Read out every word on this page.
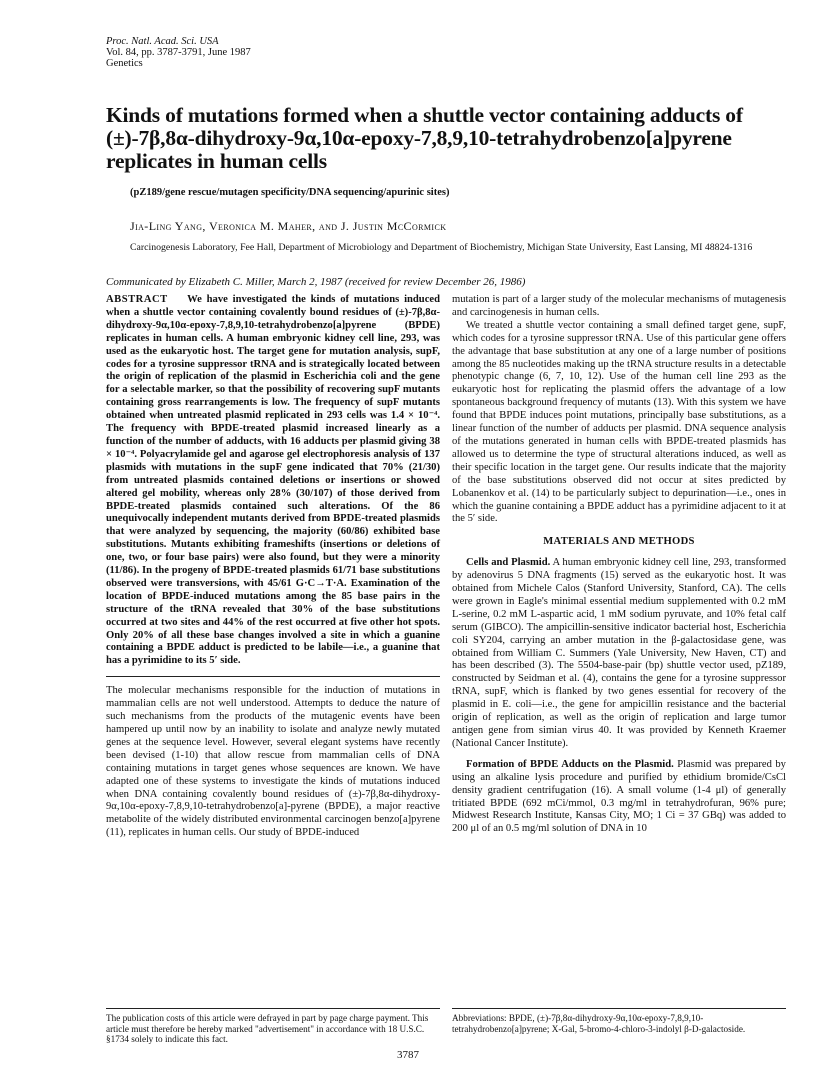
Proc. Natl. Acad. Sci. USA
Vol. 84, pp. 3787-3791, June 1987
Genetics
Kinds of mutations formed when a shuttle vector containing adducts of (±)-7β,8α-dihydroxy-9α,10α-epoxy-7,8,9,10-tetrahydrobenzo[a]pyrene replicates in human cells
(pZ189/gene rescue/mutagen specificity/DNA sequencing/apurinic sites)
Jia-Ling Yang, Veronica M. Maher, and J. Justin McCormick
Carcinogenesis Laboratory, Fee Hall, Department of Microbiology and Department of Biochemistry, Michigan State University, East Lansing, MI 48824-1316
Communicated by Elizabeth C. Miller, March 2, 1987 (received for review December 26, 1986)

ABSTRACT We have investigated the kinds of mutations induced when a shuttle vector containing covalently bound residues of (±)-7β,8α-dihydroxy-9α,10α-epoxy-7,8,9,10-tetrahydrobenzo[a]pyrene (BPDE) replicates in human cells. A human embryonic kidney cell line, 293, was used as the eukaryotic host. The target gene for mutation analysis, supF, codes for a tyrosine suppressor tRNA and is strategically located between the origin of replication of the plasmid in Escherichia coli and the gene for a selectable marker, so that the possibility of recovering supF mutants containing gross rearrangements is low. The frequency of supF mutants obtained when untreated plasmid replicated in 293 cells was 1.4 × 10⁻⁴. The frequency with BPDE-treated plasmid increased linearly as a function of the number of adducts, with 16 adducts per plasmid giving 38 × 10⁻⁴. Polyacrylamide gel and agarose gel electrophoresis analysis of 137 plasmids with mutations in the supF gene indicated that 70% (21/30) from untreated plasmids contained deletions or insertions or showed altered gel mobility, whereas only 28% (30/107) of those derived from BPDE-treated plasmids contained such alterations. Of the 86 unequivocally independent mutants derived from BPDE-treated plasmids that were analyzed by sequencing, the majority (60/86) exhibited base substitutions. Mutants exhibiting frameshifts (insertions or deletions of one, two, or four base pairs) were also found, but they were a minority (11/86). In the progeny of BPDE-treated plasmids 61/71 base substitutions observed were transversions, with 45/61 G·C→T·A. Examination of the location of BPDE-induced mutations among the 85 base pairs in the structure of the tRNA revealed that 30% of the base substitutions occurred at two sites and 44% of the rest occurred at five other hot spots. Only 20% of all these base changes involved a site in which a guanine containing a BPDE adduct is predicted to be labile—i.e., a guanine that has a pyrimidine to its 5′ side.

The molecular mechanisms responsible for the induction of mutations in mammalian cells are not well understood. Attempts to deduce the nature of such mechanisms from the products of the mutagenic events have been hampered up until now by an inability to isolate and analyze newly mutated genes at the sequence level. However, several elegant systems have recently been devised (1-10) that allow rescue from mammalian cells of DNA containing mutations in target genes whose sequences are known. We have adapted one of these systems to investigate the kinds of mutations induced when DNA containing covalently bound residues of (±)-7β,8α-dihydroxy-9α,10α-epoxy-7,8,9,10-tetrahydrobenzo[a]-pyrene (BPDE), a major reactive metabolite of the widely distributed environmental carcinogen benzo[a]pyrene (11), replicates in human cells. Our study of BPDE-induced

mutation is part of a larger study of the molecular mechanisms of mutagenesis and carcinogenesis in human cells.

We treated a shuttle vector containing a small defined target gene, supF, which codes for a tyrosine suppressor tRNA. Use of this particular gene offers the advantage that base substitution at any one of a large number of positions among the 85 nucleotides making up the tRNA structure results in a detectable phenotypic change (6, 7, 10, 12). Use of the human cell line 293 as the eukaryotic host for replicating the plasmid offers the advantage of a low spontaneous background frequency of mutants (13). With this system we have found that BPDE induces point mutations, principally base substitutions, as a linear function of the number of adducts per plasmid. DNA sequence analysis of the mutations generated in human cells with BPDE-treated plasmids has allowed us to determine the type of structural alterations induced, as well as their specific location in the target gene. Our results indicate that the majority of the base substitutions observed did not occur at sites predicted by Lobanenkov et al. (14) to be particularly subject to depurination—i.e., ones in which the guanine containing a BPDE adduct has a pyrimidine adjacent to it at the 5′ side.

MATERIALS AND METHODS

Cells and Plasmid. A human embryonic kidney cell line, 293, transformed by adenovirus 5 DNA fragments (15) served as the eukaryotic host. It was obtained from Michele Calos (Stanford University, Stanford, CA). The cells were grown in Eagle's minimal essential medium supplemented with 0.2 mM L-serine, 0.2 mM L-aspartic acid, 1 mM sodium pyruvate, and 10% fetal calf serum (GIBCO). The ampicillin-sensitive indicator bacterial host, Escherichia coli SY204, carrying an amber mutation in the β-galactosidase gene, was obtained from William C. Summers (Yale University, New Haven, CT) and has been described (3). The 5504-base-pair (bp) shuttle vector used, pZ189, constructed by Seidman et al. (4), contains the gene for a tyrosine suppressor tRNA, supF, which is flanked by two genes essential for recovery of the plasmid in E. coli—i.e., the gene for ampicillin resistance and the bacterial origin of replication, as well as the origin of replication and large tumor antigen gene from simian virus 40. It was provided by Kenneth Kraemer (National Cancer Institute).

Formation of BPDE Adducts on the Plasmid. Plasmid was prepared by using an alkaline lysis procedure and purified by ethidium bromide/CsCl density gradient centrifugation (16). A small volume (1-4 μl) of generally tritiated BPDE (692 mCi/mmol, 0.3 mg/ml in tetrahydrofuran, 96% pure; Midwest Research Institute, Kansas City, MO; 1 Ci = 37 GBq) was added to 200 μl of an 0.5 mg/ml solution of DNA in 10

The publication costs of this article were defrayed in part by page charge payment. This article must therefore be hereby marked "advertisement" in accordance with 18 U.S.C. §1734 solely to indicate this fact.
Abbreviations: BPDE, (±)-7β,8α-dihydroxy-9α,10α-epoxy-7,8,9,10-tetrahydrobenzo[a]pyrene; X-Gal, 5-bromo-4-chloro-3-indolyl β-D-galactoside.
3787
